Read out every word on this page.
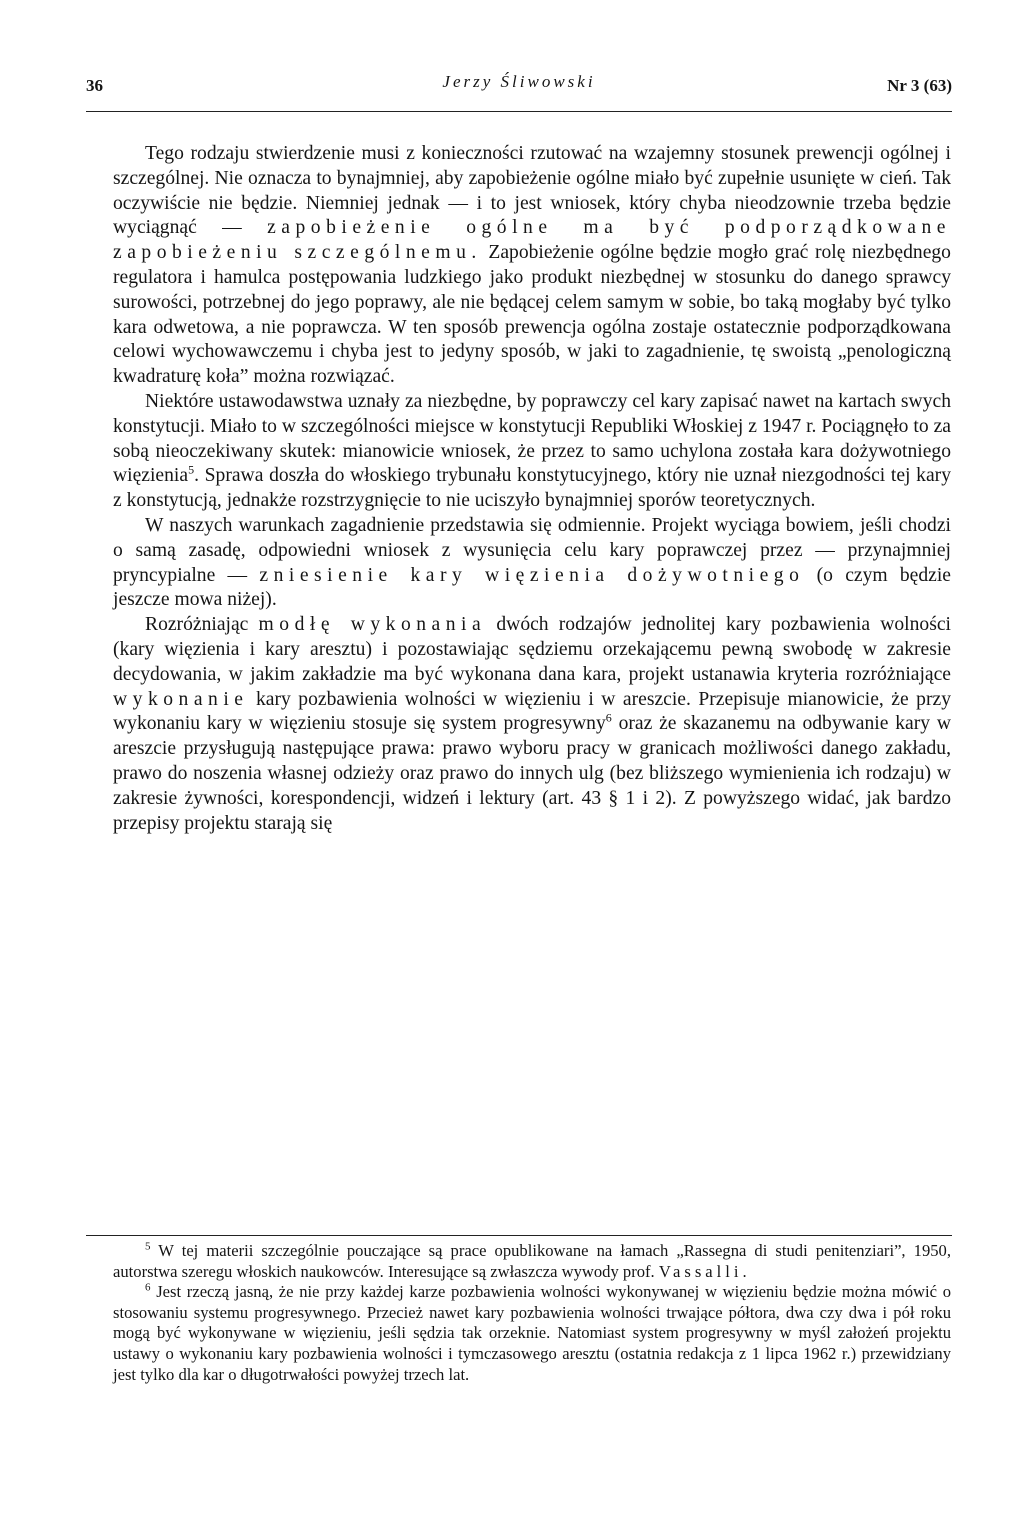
36	Jerzy Śliwowski	Nr 3 (63)

Tego rodzaju stwierdzenie musi z konieczności rzutować na wzajemny stosunek prewencji ogólnej i szczególnej. Nie oznacza to bynajmniej, aby zapobieżenie ogólne miało być zupełnie usunięte w cień. Tak oczywiście nie będzie. Niemniej jednak — i to jest wniosek, który chyba nieodzownie trzeba będzie wyciągnąć — zapobieżenie ogólne ma być podporządkowane zapobieżeniu szczególnemu. Zapobieżenie ogólne będzie mogło grać rolę niezbędnego regulatora i hamulca postępowania ludzkiego jako produkt niezbędnej w stosunku do danego sprawcy surowości, potrzebnej do jego poprawy, ale nie będącej celem samym w sobie, bo taką mogłaby być tylko kara odwetowa, a nie poprawcza. W ten sposób prewencja ogólna zostaje ostatecznie podporządkowana celowi wychowawczemu i chyba jest to jedyny sposób, w jaki to zagadnienie, tę swoistą „penologiczną kwadraturę koła” można rozwiązać.

Niektóre ustawodawstwa uznały za niezbędne, by poprawczy cel kary zapisać nawet na kartach swych konstytucji. Miało to w szczególności miejsce w konstytucji Republiki Włoskiej z 1947 r. Pociągnęło to za sobą nieoczekiwany skutek: mianowicie wniosek, że przez to samo uchylona została kara dożywotniego więzienia$^5$. Sprawa doszła do włoskiego trybunału konstytucyjnego, który nie uznał niezgodności tej kary z konstytucją, jednakże rozstrzygnięcie to nie uciszyło bynajmniej sporów teoretycznych.

W naszych warunkach zagadnienie przedstawia się odmiennie. Projekt wyciąga bowiem, jeśli chodzi o samą zasadę, odpowiedni wniosek z wysunięcia celu kary poprawczej przez — przynajmniej pryncypialne — zniesienie kary więzienia dożywotniego (o czym będzie jeszcze mowa niżej).

Rozróżniając modłę wykonania dwóch rodzajów jednolitej kary pozbawienia wolności (kary więzienia i kary aresztu) i pozostawiając sędziemu orzekającemu pewną swobodę w zakresie decydowania, w jakim zakładzie ma być wykonana dana kara, projekt ustanawia kryteria rozróżniające wykonanie kary pozbawienia wolności w więzieniu i w areszcie. Przepisuje mianowicie, że przy wykonaniu kary w więzieniu stosuje się system progresywny$^6$ oraz że skazanemu na odbywanie kary w areszcie przysługują następujące prawa: prawo wyboru pracy w granicach możliwości danego zakładu, prawo do noszenia własnej odzieży oraz prawo do innych ulg (bez bliższego wymienienia ich rodzaju) w zakresie żywności, korespondencji, widzeń i lektury (art. 43 § 1 i 2). Z powyższego widać, jak bardzo przepisy projektu starają się

$^5$ W tej materii szczególnie pouczające są prace opublikowane na łamach „Rassegna di studi penitenziari”, 1950, autorstwa szeregu włoskich naukowców. Interesujące są zwłaszcza wywody prof. Vassalli.

$^6$ Jest rzeczą jasną, że nie przy każdej karze pozbawienia wolności wykonywanej w więzieniu będzie można mówić o stosowaniu systemu progresywnego. Przecież nawet kary pozbawienia wolności trwające półtora, dwa czy dwa i pół roku mogą być wykonywane w więzieniu, jeśli sędzia tak orzeknie. Natomiast system progresywny w myśl założeń projektu ustawy o wykonaniu kary pozbawienia wolności i tymczasowego aresztu (ostatnia redakcja z 1 lipca 1962 r.) przewidziany jest tylko dla kar o długotrwałości powyżej trzech lat.
